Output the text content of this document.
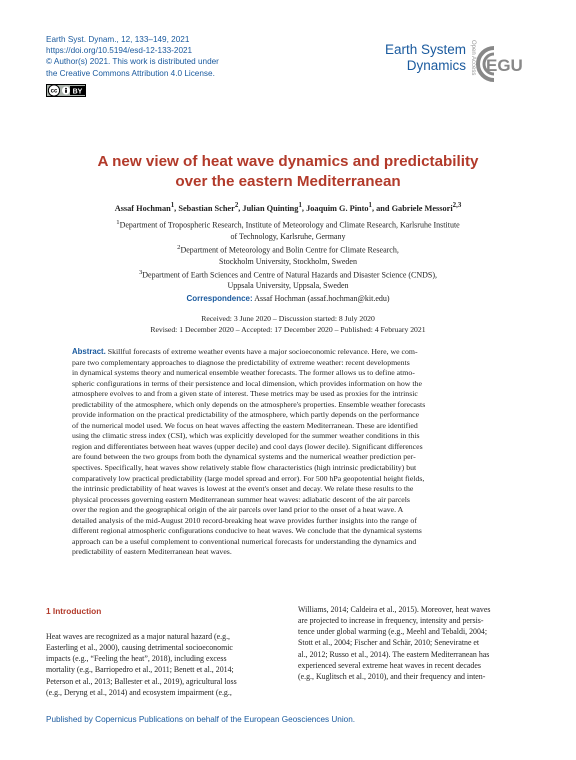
Earth Syst. Dynam., 12, 133–149, 2021
https://doi.org/10.5194/esd-12-133-2021
© Author(s) 2021. This work is distributed under
the Creative Commons Attribution 4.0 License.
cc BY
Earth System
Dynamics Open Access EGU
A new view of heat wave dynamics and predictability
over the eastern Mediterranean
Assaf Hochman$^1$, Sebastian Scher$^2$, Julian Quinting$^1$, Joaquim G. Pinto$^1$, and Gabriele Messori$^{2,3}$
$^1$Department of Tropospheric Research, Institute of Meteorology and Climate Research, Karlsruhe Institute
of Technology, Karlsruhe, Germany
$^2$Department of Meteorology and Bolin Centre for Climate Research,
Stockholm University, Stockholm, Sweden
$^3$Department of Earth Sciences and Centre of Natural Hazards and Disaster Science (CNDS),
Uppsala University, Uppsala, Sweden
Correspondence: Assaf Hochman (assaf.hochman@kit.edu)
Received: 3 June 2020 – Discussion started: 8 July 2020
Revised: 1 December 2020 – Accepted: 17 December 2020 – Published: 4 February 2021
Abstract. Skillful forecasts of extreme weather events have a major socioeconomic relevance. Here, we com-
pare two complementary approaches to diagnose the predictability of extreme weather: recent developments
in dynamical systems theory and numerical ensemble weather forecasts. The former allows us to define atmo-
spheric configurations in terms of their persistence and local dimension, which provides information on how the
atmosphere evolves to and from a given state of interest. These metrics may be used as proxies for the intrinsic
predictability of the atmosphere, which only depends on the atmosphere's properties. Ensemble weather forecasts
provide information on the practical predictability of the atmosphere, which partly depends on the performance
of the numerical model used. We focus on heat waves affecting the eastern Mediterranean. These are identified
using the climatic stress index (CSI), which was explicitly developed for the summer weather conditions in this
region and differentiates between heat waves (upper decile) and cool days (lower decile). Significant differences
are found between the two groups from both the dynamical systems and the numerical weather prediction per-
spectives. Specifically, heat waves show relatively stable flow characteristics (high intrinsic predictability) but
comparatively low practical predictability (large model spread and error). For 500 hPa geopotential height fields,
the intrinsic predictability of heat waves is lowest at the event's onset and decay. We relate these results to the
physical processes governing eastern Mediterranean summer heat waves: adiabatic descent of the air parcels
over the region and the geographical origin of the air parcels over land prior to the onset of a heat wave. A
detailed analysis of the mid-August 2010 record-breaking heat wave provides further insights into the range of
different regional atmospheric configurations conducive to heat waves. We conclude that the dynamical systems
approach can be a useful complement to conventional numerical forecasts for understanding the dynamics and
predictability of eastern Mediterranean heat waves.
1 Introduction
Heat waves are recognized as a major natural hazard (e.g.,
Easterling et al., 2000), causing detrimental socioeconomic
impacts (e.g., “Feeling the heat”, 2018), including excess
mortality (e.g., Barriopedro et al., 2011; Benett et al., 2014;
Peterson et al., 2013; Ballester et al., 2019), agricultural loss
(e.g., Deryng et al., 2014) and ecosystem impairment (e.g.,
Williams, 2014; Caldeira et al., 2015). Moreover, heat waves
are projected to increase in frequency, intensity and persis-
tence under global warming (e.g., Meehl and Tebaldi, 2004;
Stott et al., 2004; Fischer and Schär, 2010; Seneviratne et
al., 2012; Russo et al., 2014). The eastern Mediterranean has
experienced several extreme heat waves in recent decades
(e.g., Kuglitsch et al., 2010), and their frequency and inten-
Published by Copernicus Publications on behalf of the European Geosciences Union.
